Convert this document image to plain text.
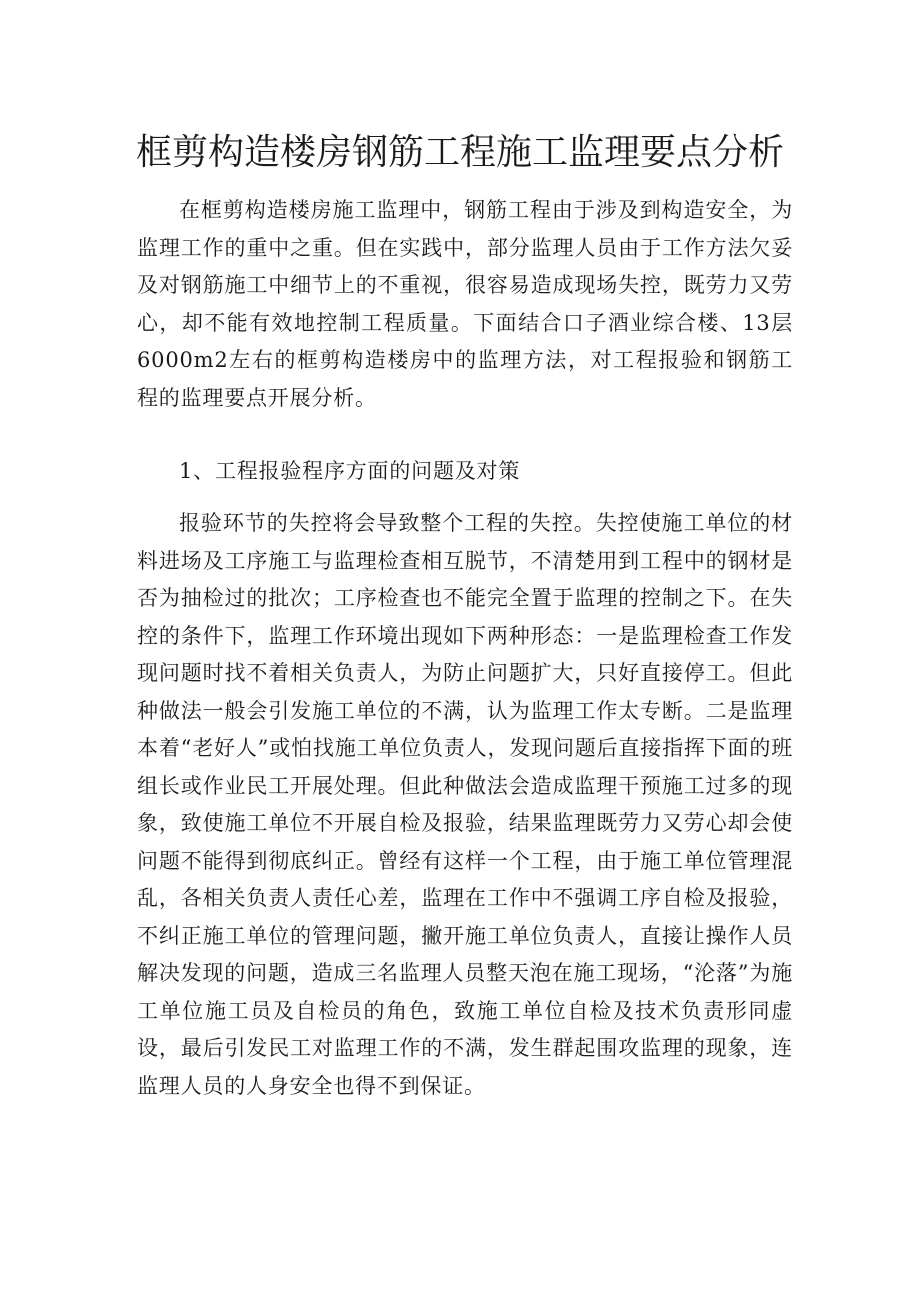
框剪构造楼房钢筋工程施工监理要点分析

在框剪构造楼房施工监理中，钢筋工程由于涉及到构造安全，为监理工作的重中之重。但在实践中，部分监理人员由于工作方法欠妥及对钢筋施工中细节上的不重视，很容易造成现场失控，既劳力又劳心，却不能有效地控制工程质量。下面结合口子酒业综合楼、13层6000m2左右的框剪构造楼房中的监理方法，对工程报验和钢筋工程的监理要点开展分析。

1、工程报验程序方面的问题及对策

报验环节的失控将会导致整个工程的失控。失控使施工单位的材料进场及工序施工与监理检查相互脱节，不清楚用到工程中的钢材是否为抽检过的批次；工序检查也不能完全置于监理的控制之下。在失控的条件下，监理工作环境出现如下两种形态：一是监理检查工作发现问题时找不着相关负责人，为防止问题扩大，只好直接停工。但此种做法一般会引发施工单位的不满，认为监理工作太专断。二是监理本着“老好人”或怕找施工单位负责人，发现问题后直接指挥下面的班组长或作业民工开展处理。但此种做法会造成监理干预施工过多的现象，致使施工单位不开展自检及报验，结果监理既劳力又劳心却会使问题不能得到彻底纠正。曾经有这样一个工程，由于施工单位管理混乱，各相关负责人责任心差，监理在工作中不强调工序自检及报验，不纠正施工单位的管理问题，撇开施工单位负责人，直接让操作人员解决发现的问题，造成三名监理人员整天泡在施工现场，“沦落”为施工单位施工员及自检员的角色，致施工单位自检及技术负责形同虚设，最后引发民工对监理工作的不满，发生群起围攻监理的现象，连监理人员的人身安全也得不到保证。
